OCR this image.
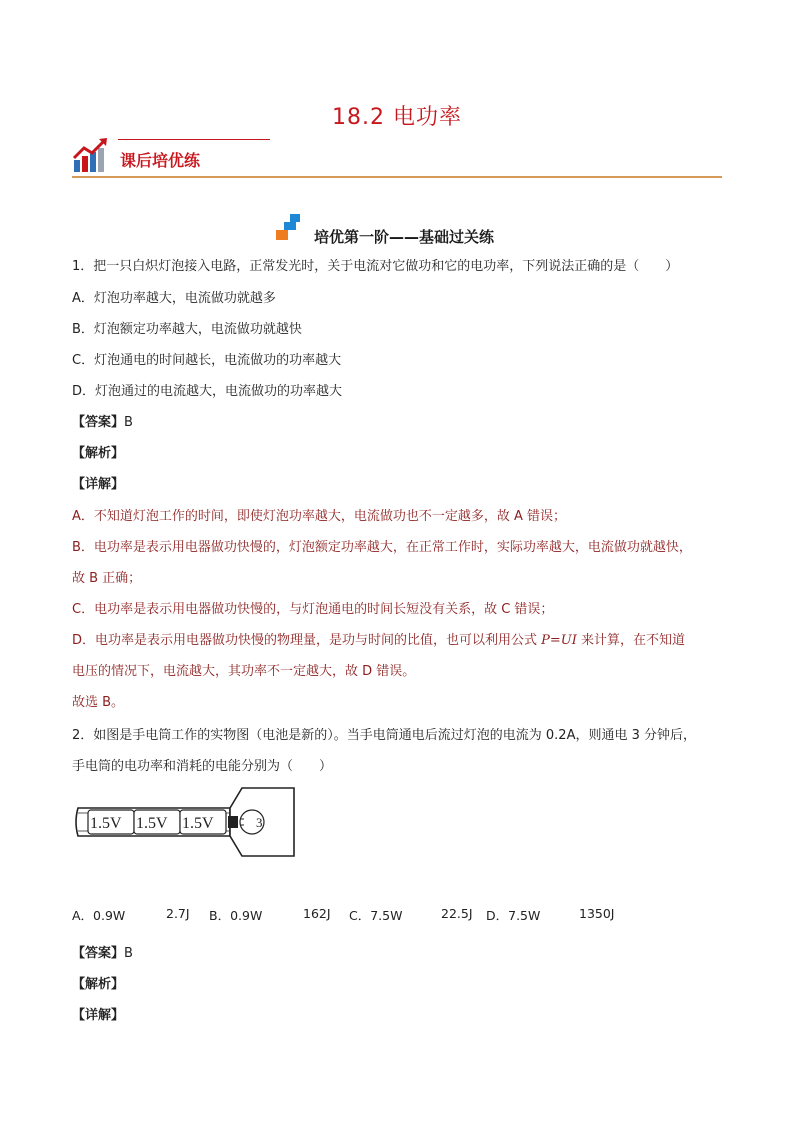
18.2 电功率
课后培优练
培优第一阶——基础过关练
1．把一只白炽灯泡接入电路，正常发光时，关于电流对它做功和它的电功率，下列说法正确的是（　　）
A．灯泡功率越大，电流做功就越多
B．灯泡额定功率越大，电流做功就越快
C．灯泡通电的时间越长，电流做功的功率越大
D．灯泡通过的电流越大，电流做功的功率越大
【答案】B
【解析】
【详解】
A．不知道灯泡工作的时间，即使灯泡功率越大，电流做功也不一定越多，故 A 错误；
B．电功率是表示用电器做功快慢的，灯泡额定功率越大，在正常工作时，实际功率越大，电流做功就越快，
故 B 正确；
C．电功率是表示用电器做功快慢的，与灯泡通电的时间长短没有关系，故 C 错误；
D．电功率是表示用电器做功快慢的物理量，是功与时间的比值，也可以利用公式 P=UI 来计算，在不知道
电压的情况下，电流越大，其功率不一定越大，故 D 错误。
故选 B。
2．如图是手电筒工作的实物图（电池是新的）。当手电筒通电后流过灯泡的电流为 0.2A，则通电 3 分钟后，
手电筒的电功率和消耗的电能分别为（　　）
1.5V 1.5V 1.5V	3
A．0.9W	2.7J B．0.9W	162J C．7.5W	22.5J D．7.5W	1350J
【答案】B
【解析】
【详解】
